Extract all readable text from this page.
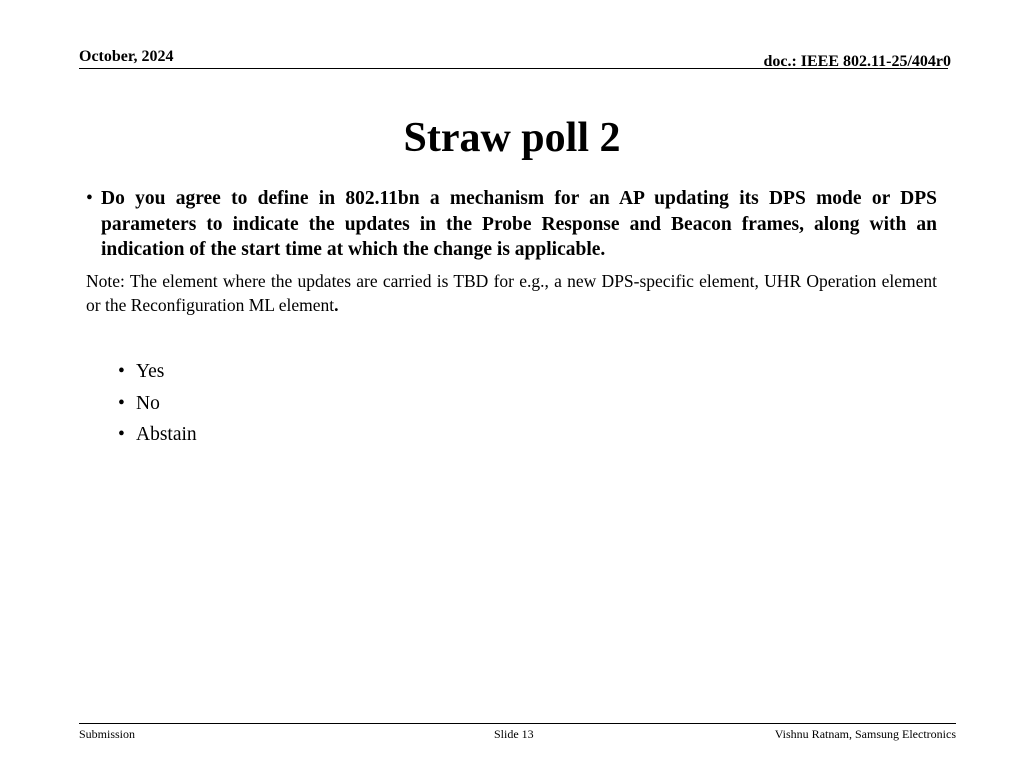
October, 2024	doc.: IEEE 802.11-25/404r0
Straw poll 2
• Do you agree to define in 802.11bn a mechanism for an AP updating its DPS mode or DPS parameters to indicate the updates in the Probe Response and Beacon frames, along with an indication of the start time at which the change is applicable.
Note: The element where the updates are carried is TBD for e.g., a new DPS-specific element, UHR Operation element or the Reconfiguration ML element.
• Yes
• No
• Abstain
Submission	Slide 13	Vishnu Ratnam, Samsung Electronics
